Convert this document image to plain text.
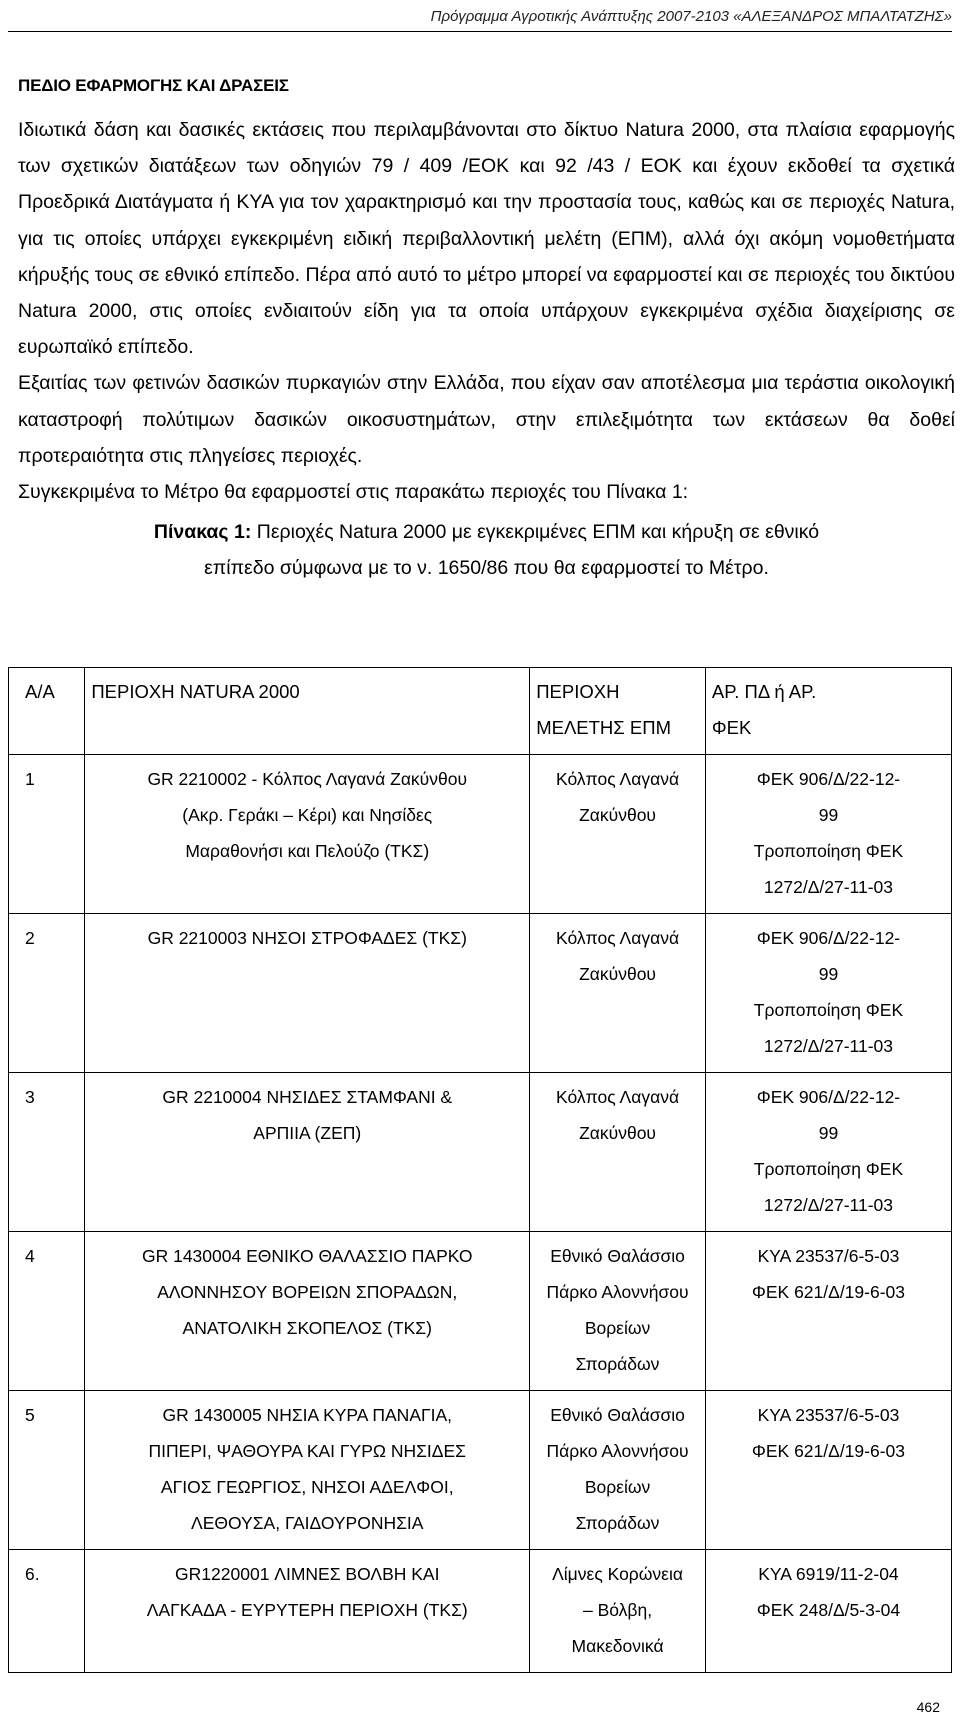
Πρόγραμμα Αγροτικής Ανάπτυξης 2007-2103 «ΑΛΕΞΑΝΔΡΟΣ ΜΠΑΛΤΑΤΖΗΣ»
ΠΕΔΙΟ ΕΦΑΡΜΟΓΗΣ ΚΑΙ ΔΡΑΣΕΙΣ

Ιδιωτικά δάση και δασικές εκτάσεις που περιλαμβάνονται στο δίκτυο Natura 2000, στα πλαίσια εφαρμογής των σχετικών διατάξεων των οδηγιών 79 / 409 /ΕΟΚ και 92 /43 / ΕΟΚ και έχουν εκδοθεί τα σχετικά Προεδρικά Διατάγματα ή ΚΥΑ για τον χαρακτηρισμό και την προστασία τους, καθώς και σε περιοχές Natura, για τις οποίες υπάρχει εγκεκριμένη ειδική περιβαλλοντική μελέτη (ΕΠΜ), αλλά όχι ακόμη νομοθετήματα κήρυξής τους σε εθνικό επίπεδο. Πέρα από αυτό το μέτρο μπορεί να εφαρμοστεί και σε περιοχές του δικτύου Natura 2000, στις οποίες ενδιαιτούν είδη για τα οποία υπάρχουν εγκεκριμένα σχέδια διαχείρισης σε ευρωπαϊκό επίπεδο.

Εξαιτίας των φετινών δασικών πυρκαγιών στην Ελλάδα, που είχαν σαν αποτέλεσμα μια τεράστια οικολογική καταστροφή πολύτιμων δασικών οικοσυστημάτων, στην επιλεξιμότητα των εκτάσεων θα δοθεί προτεραιότητα στις πληγείσες περιοχές.

Συγκεκριμένα το Μέτρο θα εφαρμοστεί στις παρακάτω περιοχές του Πίνακα 1:

Πίνακας 1: Περιοχές Natura 2000 με εγκεκριμένες ΕΠΜ και κήρυξη σε εθνικό
επίπεδο σύμφωνα με το ν. 1650/86 που θα εφαρμοστεί το Μέτρο.
Α/Α	ΠΕΡΙΟΧΗ NATURA 2000	ΠΕΡΙΟΧΗ
ΜΕΛΕΤΗΣ ΕΠΜ	ΑΡ. ΠΔ ή ΑΡ.
ΦΕΚ

1	GR 2210002 - Κόλπος Λαγανά Ζακύνθου
(Ακρ. Γεράκι – Κέρι) και Νησίδες
Μαραθονήσι και Πελούζο (ΤΚΣ)	Κόλπος Λαγανά
Ζακύνθου	ΦΕΚ 906/Δ/22-12-
99
Τροποποίηση ΦΕΚ
1272/Δ/27-11-03

2	GR 2210003 ΝΗΣΟΙ ΣΤΡΟΦΑΔΕΣ (ΤΚΣ)	Κόλπος Λαγανά
Ζακύνθου	ΦΕΚ 906/Δ/22-12-
99
Τροποποίηση ΦΕΚ
1272/Δ/27-11-03

3	GR 2210004 ΝΗΣΙΔΕΣ ΣΤΑΜΦΑΝΙ &
ΑΡΠΙΙΑ (ΖΕΠ)	Κόλπος Λαγανά
Ζακύνθου	ΦΕΚ 906/Δ/22-12-
99
Τροποποίηση ΦΕΚ
1272/Δ/27-11-03

4	GR 1430004 ΕΘΝΙΚΟ ΘΑΛΑΣΣΙΟ ΠΑΡΚΟ
ΑΛΟΝΝΗΣΟΥ ΒΟΡΕΙΩΝ ΣΠΟΡΑΔΩΝ,
ΑΝΑΤΟΛΙΚΗ ΣΚΟΠΕΛΟΣ (ΤΚΣ)	Εθνικό Θαλάσσιο
Πάρκο Αλοννήσου
Βορείων
Σποράδων	ΚΥΑ 23537/6-5-03
ΦΕΚ 621/Δ/19-6-03

5	GR 1430005 ΝΗΣΙΑ ΚΥΡΑ ΠΑΝΑΓΙΑ,
ΠΙΠΕΡΙ, ΨΑΘΟΥΡΑ ΚΑΙ ΓΥΡΩ ΝΗΣΙΔΕΣ
ΑΓΙΟΣ ΓΕΩΡΓΙΟΣ, ΝΗΣΟΙ ΑΔΕΛΦΟΙ,
ΛΕΘΟΥΣΑ, ΓΑΙΔΟΥΡΟΝΗΣΙΑ	Εθνικό Θαλάσσιο
Πάρκο Αλοννήσου
Βορείων
Σποράδων	ΚΥΑ 23537/6-5-03
ΦΕΚ 621/Δ/19-6-03

6.	GR1220001 ΛΙΜΝΕΣ ΒΟΛΒΗ ΚΑΙ
ΛΑΓΚΑΔΑ - ΕΥΡΥΤΕΡΗ ΠΕΡΙΟΧΗ (ΤΚΣ)	Λίμνες Κορώνεια
– Βόλβη,
Μακεδονικά	ΚΥΑ 6919/11-2-04
ΦΕΚ 248/Δ/5-3-04
462
